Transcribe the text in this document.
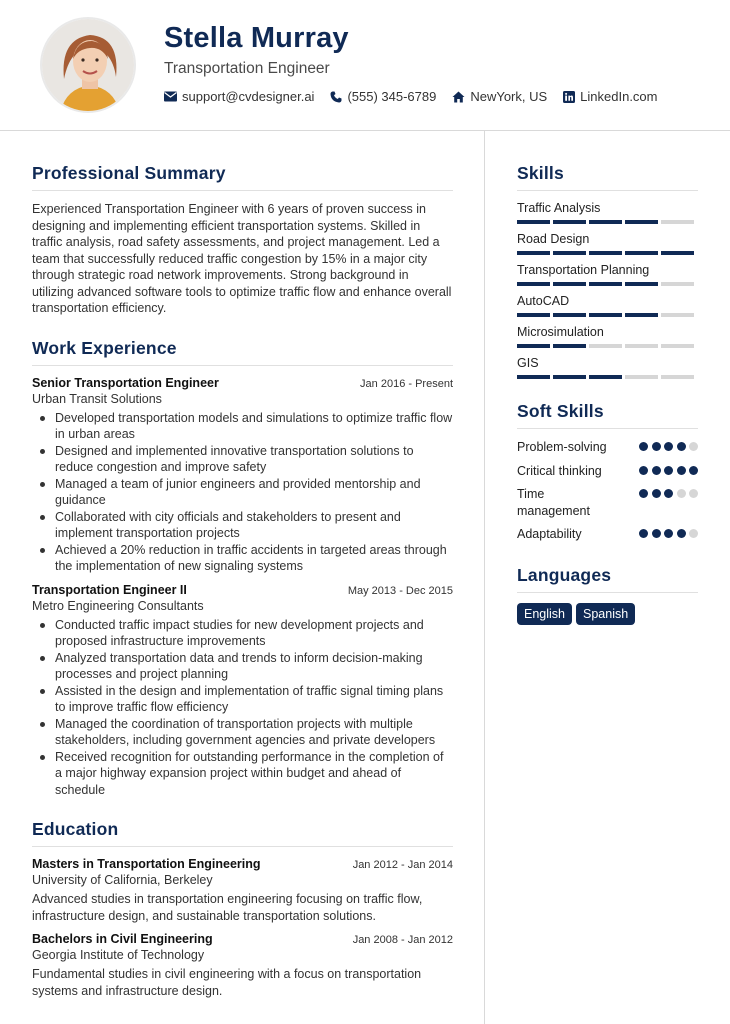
Stella Murray
Transportation Engineer
support@cvdesigner.ai	(555) 345-6789	NewYork, US	LinkedIn.com
Professional Summary
Experienced Transportation Engineer with 6 years of proven success in designing and implementing efficient transportation systems. Skilled in traffic analysis, road safety assessments, and project management. Led a team that successfully reduced traffic congestion by 15% in a major city through strategic road network improvements. Strong background in utilizing advanced software tools to optimize traffic flow and enhance overall transportation efficiency.
Work Experience
Senior Transportation Engineer	Jan 2016 - Present
Urban Transit Solutions
Developed transportation models and simulations to optimize traffic flow in urban areas
Designed and implemented innovative transportation solutions to reduce congestion and improve safety
Managed a team of junior engineers and provided mentorship and guidance
Collaborated with city officials and stakeholders to present and implement transportation projects
Achieved a 20% reduction in traffic accidents in targeted areas through the implementation of new signaling systems
Transportation Engineer II	May 2013 - Dec 2015
Metro Engineering Consultants
Conducted traffic impact studies for new development projects and proposed infrastructure improvements
Analyzed transportation data and trends to inform decision-making processes and project planning
Assisted in the design and implementation of traffic signal timing plans to improve traffic flow efficiency
Managed the coordination of transportation projects with multiple stakeholders, including government agencies and private developers
Received recognition for outstanding performance in the completion of a major highway expansion project within budget and ahead of schedule
Education
Masters in Transportation Engineering	Jan 2012 - Jan 2014
University of California, Berkeley
Advanced studies in transportation engineering focusing on traffic flow, infrastructure design, and sustainable transportation solutions.
Bachelors in Civil Engineering	Jan 2008 - Jan 2012
Georgia Institute of Technology
Fundamental studies in civil engineering with a focus on transportation systems and infrastructure design.
Skills
Traffic Analysis
Road Design
Transportation Planning
AutoCAD
Microsimulation
GIS
Soft Skills
Problem-solving
Critical thinking
Time management
Adaptability
Languages
English	Spanish
